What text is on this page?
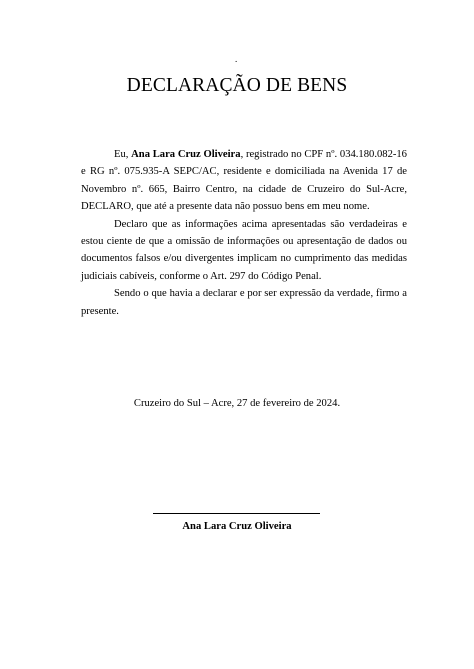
.
DECLARAÇÃO DE BENS

Eu, Ana Lara Cruz Oliveira, registrado no CPF nº. 034.180.082-16 e RG nº. 075.935-A SEPC/AC, residente e domiciliada na Avenida 17 de Novembro nº. 665, Bairro Centro, na cidade de Cruzeiro do Sul-Acre, DECLARO, que até a presente data não possuo bens em meu nome.

Declaro que as informações acima apresentadas são verdadeiras e estou ciente de que a omissão de informações ou apresentação de dados ou documentos falsos e/ou divergentes implicam no cumprimento das medidas judiciais cabíveis, conforme o Art. 297 do Código Penal.

Sendo o que havia a declarar e por ser expressão da verdade, firmo a presente.

Cruzeiro do Sul – Acre, 27 de fevereiro de 2024.
Ana Lara Cruz Oliveira
